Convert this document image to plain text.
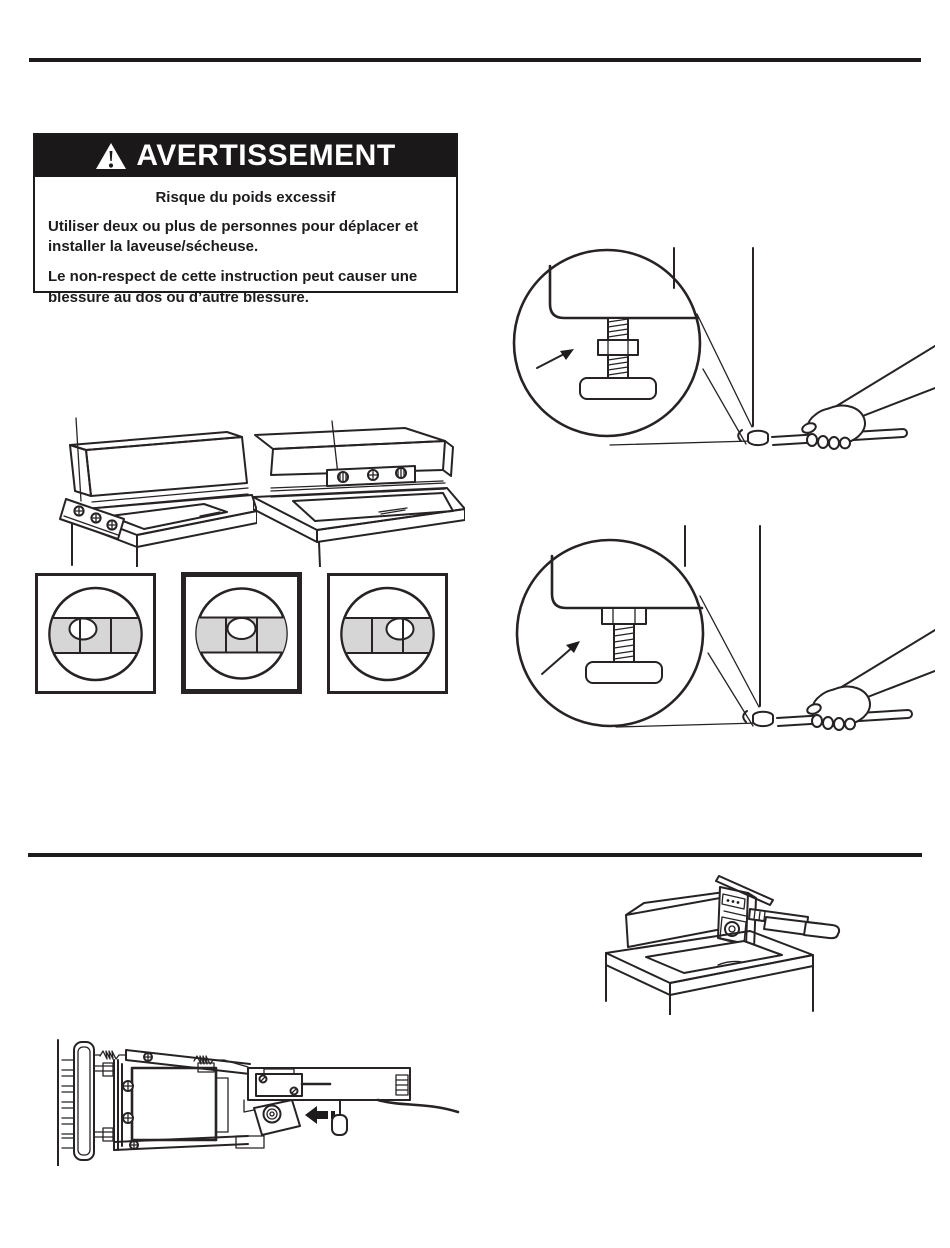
AVERTISSEMENT
Risque du poids excessif

Utiliser deux ou plus de personnes pour déplacer et installer la laveuse/sécheuse.

Le non-respect de cette instruction peut causer une blessure au dos ou d’autre blessure.
